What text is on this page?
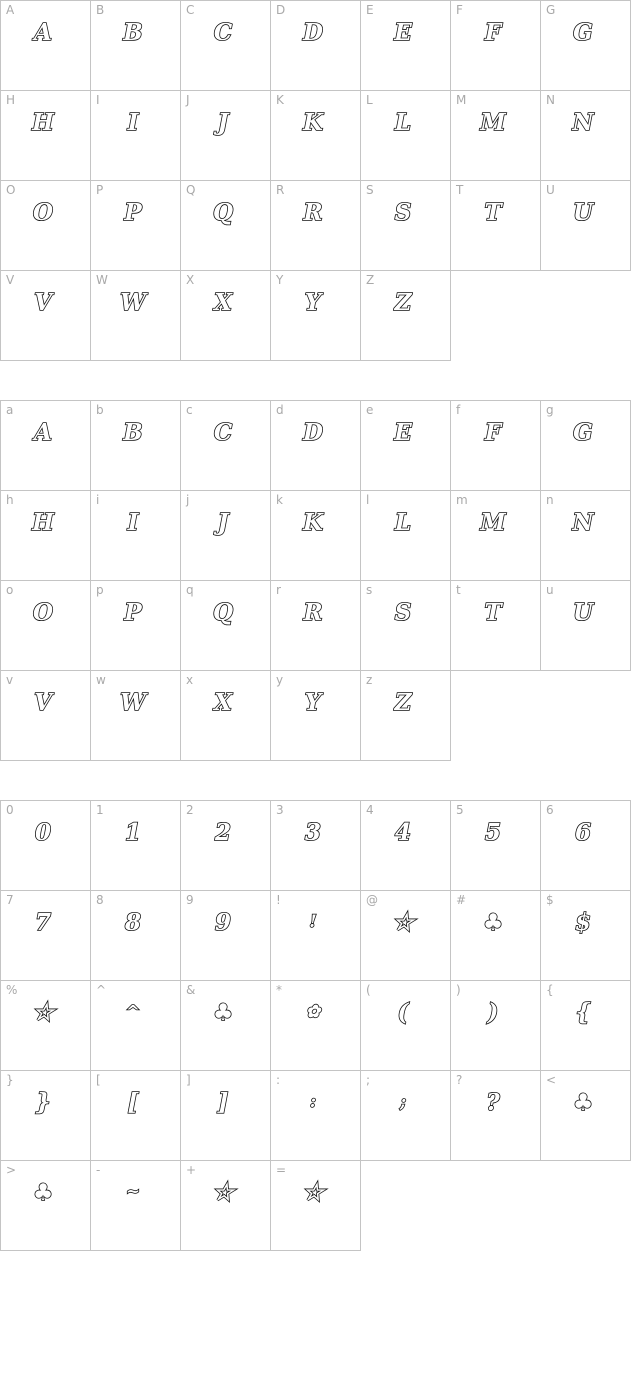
A
A
B
B
C
C
D
D
E
E
F
F
G
G
H
H
I
I
J
J
K
K
L
L
M
M
N
N
O
O
P
P
Q
Q
R
R
S
S
T
T
U
U
V
V
W
W
X
X
Y
Y
Z
Z
a
A
b
B
c
C
d
D
e
E
f
F
g
G
h
H
i
I
j
J
k
K
l
L
m
M
n
N
o
O
p
P
q
Q
r
R
s
S
t
T
u
U
v
V
w
W
x
X
y
Y
z
Z
0
0
1
1
2
2
3
3
4
4
5
5
6
6
7
7
8
8
9
9
!
!
@
☆
#
♣
$
$
%
☆
^
^
&
♣
*
✿
(
(
)
)
{
{
}
}
[
[
]
]
:
:
;
;
?
?
<
♣
>
♣
-
~
+
☆
=
☆
